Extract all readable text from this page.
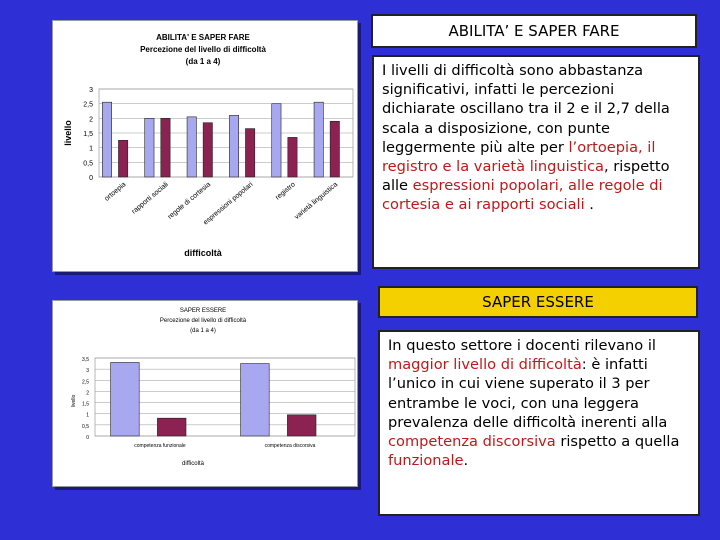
ABILITA' E SAPER FARE
Percezione del livello di difficoltà
(da 1 a 4)
difficoltà
livello
0
0,5
1
1,5
2
2,5
3
ortoepia rapporti sociali
regole di cortesia
espressioni popolari	registro
varietà linguistica
SAPER ESSERE
Percezione del livello di difficoltà
(da 1 a 4)
difficoltà
livello
0
0,5
1
1,5
2
2,5
3
3,5
competenza funzionale	competenza discorsiva
ABILITA’ E SAPER FARE
I livelli di difficoltà sono abbastanza significativi, infatti le percezioni dichiarate oscillano tra il 2 e il 2,7 della scala a disposizione, con punte leggermente più alte per l’ortoepia, il registro e la varietà linguistica, rispetto alle espressioni popolari, alle regole di cortesia e ai rapporti sociali .
SAPER ESSERE
In questo settore i docenti rilevano il maggior livello di difficoltà: è infatti l’unico in cui viene superato il 3 per entrambe le voci, con una leggera prevalenza delle difficoltà inerenti alla competenza discorsiva rispetto a quella funzionale.
